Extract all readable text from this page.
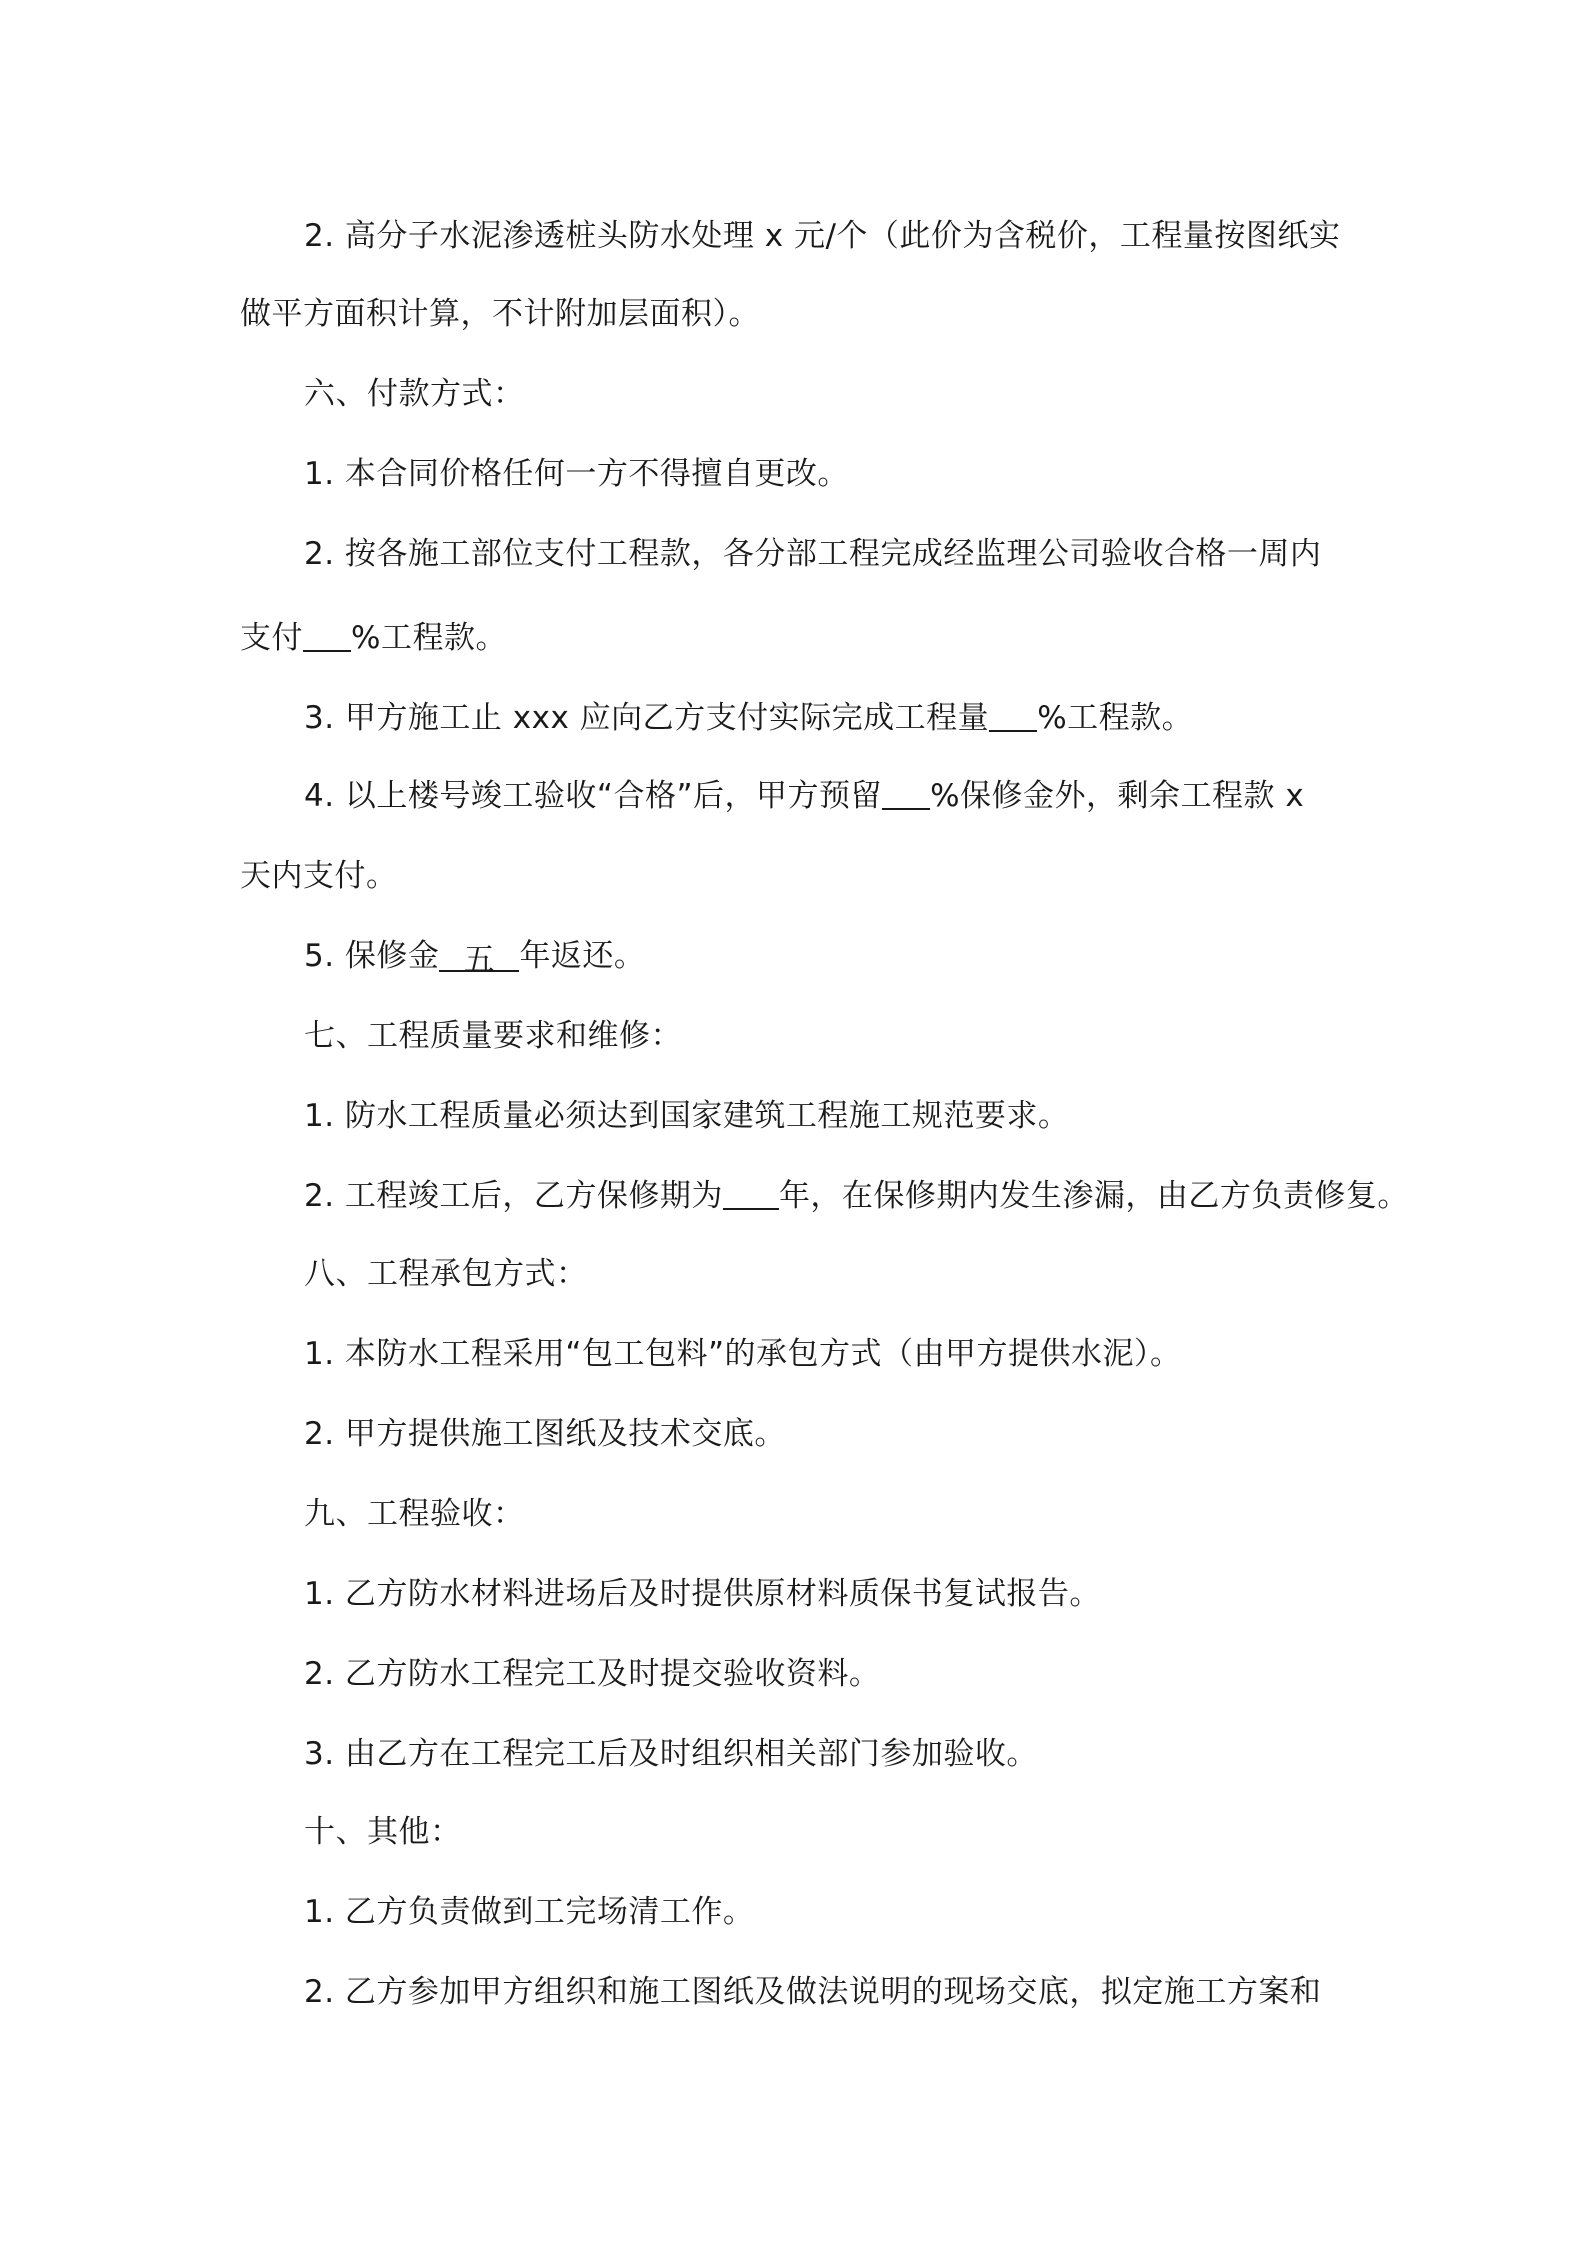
2. 高分子水泥渗透桩头防水处理 x 元/个（此价为含税价，工程量按图纸实
做平方面积计算，不计附加层面积）。
六、付款方式：
1. 本合同价格任何一方不得擅自更改。
2. 按各施工部位支付工程款，各分部工程完成经监理公司验收合格一周内
支付 %工程款。
3. 甲方施工止 xxx 应向乙方支付实际完成工程量 %工程款。
4. 以上楼号竣工验收“合格”后，甲方预留 %保修金外，剩余工程款 x
天内支付。
5. 保修金 五 年返还。
七、工程质量要求和维修：
1. 防水工程质量必须达到国家建筑工程施工规范要求。
2. 工程竣工后，乙方保修期为 年，在保修期内发生渗漏，由乙方负责修复。
八、工程承包方式：
1. 本防水工程采用“包工包料”的承包方式（由甲方提供水泥）。
2. 甲方提供施工图纸及技术交底。
九、工程验收：
1. 乙方防水材料进场后及时提供原材料质保书复试报告。
2. 乙方防水工程完工及时提交验收资料。
3. 由乙方在工程完工后及时组织相关部门参加验收。
十、其他：
1. 乙方负责做到工完场清工作。
2. 乙方参加甲方组织和施工图纸及做法说明的现场交底，拟定施工方案和
